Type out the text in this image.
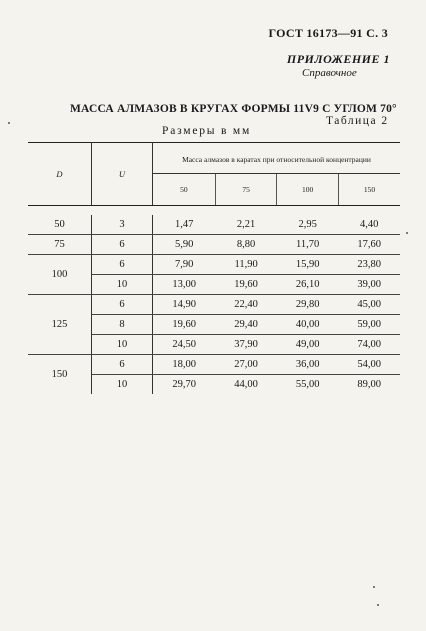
ГОСТ 16173—91 С. 3
ПРИЛОЖЕНИЕ 1
Справочное
МАССА АЛМАЗОВ В КРУГАХ ФОРМЫ 11V9 С УГЛОМ 70°
Таблица 2
Размеры в мм
D	U	Масса алмазов в каратах при относительной концентрации			
		50	75	100	150

50	3	1,47	2,21	2,95	4,40
75	6	5,90	8,80	11,70	17,60
100	6	7,90	11,90	15,90	23,80
	10	13,00	19,60	26,10	39,00
125	6	14,90	22,40	29,80	45,00
	8	19,60	29,40	40,00	59,00
	10	24,50	37,90	49,00	74,00
150	6	18,00	27,00	36,00	54,00
	10	29,70	44,00	55,00	89,00
